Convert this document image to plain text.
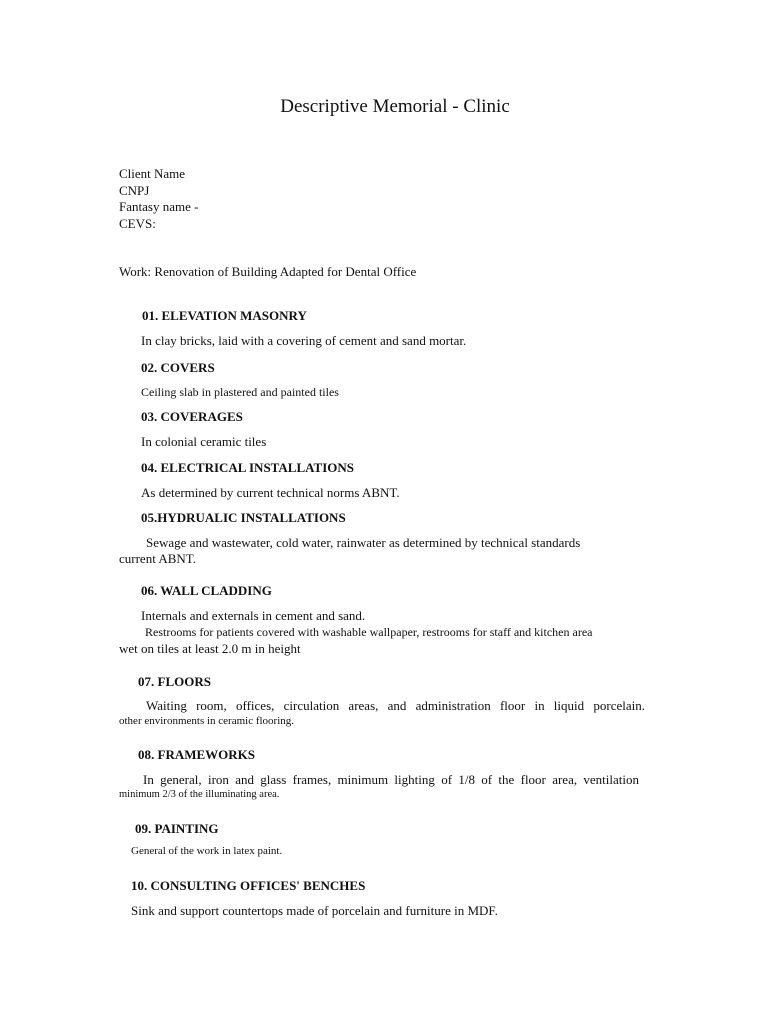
Descriptive Memorial - Clinic
Client Name
CNPJ
Fantasy name -
CEVS:
Work: Renovation of Building Adapted for Dental Office
01. ELEVATION MASONRY
In clay bricks, laid with a covering of cement and sand mortar.
02. COVERS
Ceiling slab in plastered and painted tiles
03. COVERAGES
In colonial ceramic tiles
04. ELECTRICAL INSTALLATIONS
As determined by current technical norms ABNT.
05.HYDRUALIC INSTALLATIONS
Sewage and wastewater, cold water, rainwater as determined by technical standards
current ABNT.
06. WALL CLADDING
Internals and externals in cement and sand.
Restrooms for patients covered with washable wallpaper, restrooms for staff and kitchen area
wet on tiles at least 2.0 m in height
07. FLOORS
Waiting room, offices, circulation areas, and administration floor in liquid porcelain.
other environments in ceramic flooring.
08. FRAMEWORKS
In general, iron and glass frames, minimum lighting of 1/8 of the floor area, ventilation
minimum 2/3 of the illuminating area.
09. PAINTING
General of the work in latex paint.
10. CONSULTING OFFICES' BENCHES
Sink and support countertops made of porcelain and furniture in MDF.
